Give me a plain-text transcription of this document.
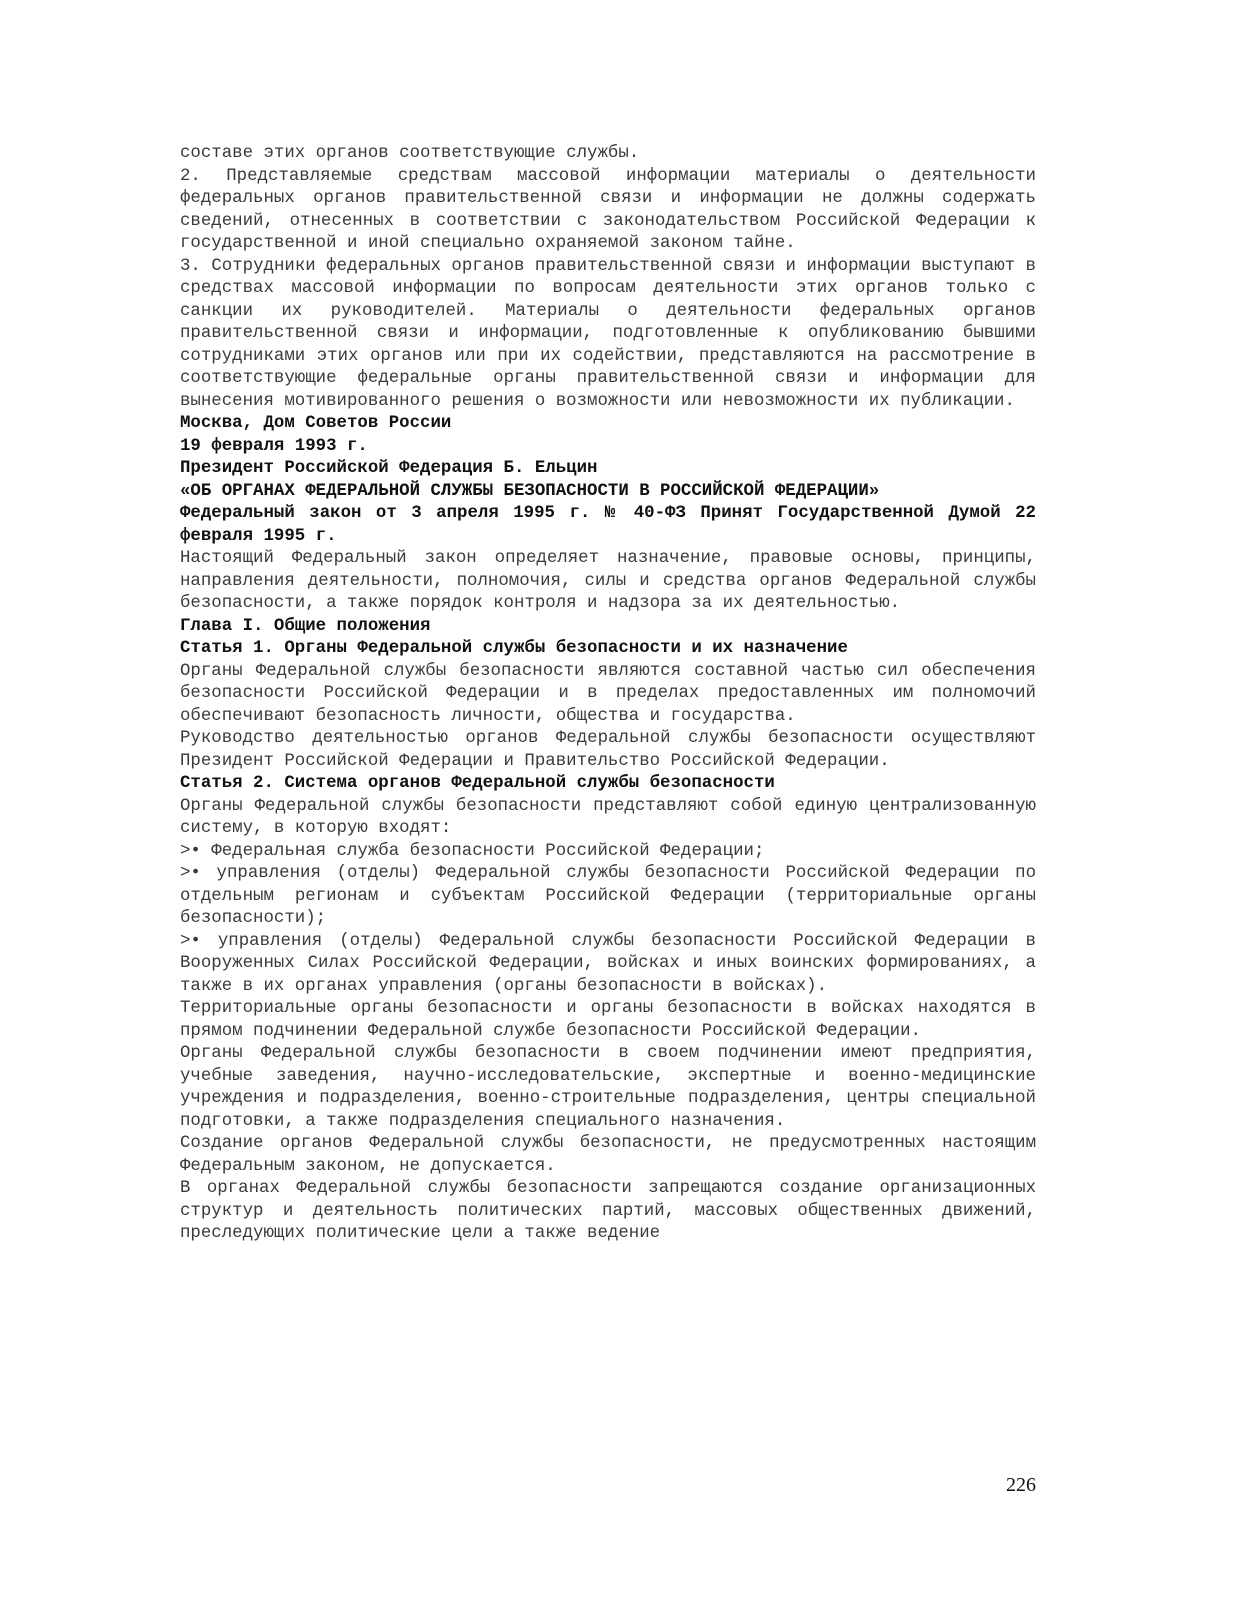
составе этих органов соответствующие службы.

2. Представляемые средствам массовой информации материалы о деятельности федеральных органов правительственной связи и информации не должны содержать сведений, отнесенных в соответствии с законодательством Российской Федерации к государственной и иной специально охраняемой законом тайне.

3. Сотрудники федеральных органов правительственной связи и информации выступают в средствах массовой информации по вопросам деятельности этих органов только с санкции их руководителей. Материалы о деятельности федеральных органов правительственной связи и информации, подготовленные к опубликованию бывшими сотрудниками этих органов или при их содействии, представляются на рассмотрение в соответствующие федеральные органы правительственной связи и информации для вынесения мотивированного решения о возможности или невозможности их публикации.

Москва, Дом Советов России

19 февраля 1993 г.

Президент Российской Федерация Б. Ельцин

«ОБ ОРГАНАХ ФЕДЕРАЛЬНОЙ СЛУЖБЫ БЕЗОПАСНОСТИ В РОССИЙСКОЙ ФЕДЕРАЦИИ»

Федеральный закон от 3 апреля 1995 г. № 40-ФЗ Принят Государственной Думой 22 февраля 1995 г.

Настоящий Федеральный закон определяет назначение, правовые основы, принципы, направления деятельности, полномочия, силы и средства органов Федеральной службы безопасности, а также порядок контроля и надзора за их деятельностью.

Глава I. Общие положения

Статья 1. Органы Федеральной службы безопасности и их назначение

Органы Федеральной службы безопасности являются составной частью сил обеспечения безопасности Российской Федерации и в пределах предоставленных им полномочий обеспечивают безопасность личности, общества и государства.

Руководство деятельностью органов Федеральной службы безопасности осуществляют Президент Российской Федерации и Правительство Российской Федерации.

Статья 2. Система органов Федеральной службы безопасности

Органы Федеральной службы безопасности представляют собой единую централизованную систему, в которую входят:

>• Федеральная служба безопасности Российской Федерации;

>• управления (отделы) Федеральной службы безопасности Российской Федерации по отдельным регионам и субъектам Российской Федерации (территориальные органы безопасности);

>• управления (отделы) Федеральной службы безопасности Российской Федерации в Вооруженных Силах Российской Федерации, войсках и иных воинских формированиях, а также в их органах управления (органы безопасности в войсках).

Территориальные органы безопасности и органы безопасности в войсках находятся в прямом подчинении Федеральной службе безопасности Российской Федерации.

Органы Федеральной службы безопасности в своем подчинении имеют предприятия, учебные заведения, научно-исследовательские, экспертные и военно-медицинские учреждения и подразделения, военно-строительные подразделения, центры специальной подготовки, а также подразделения специального назначения.

Создание органов Федеральной службы безопасности, не предусмотренных настоящим Федеральным законом, не допускается.

В органах Федеральной службы безопасности запрещаются создание организационных структур и деятельность политических партий, массовых общественных движений, преследующих политические цели а также ведение

226
